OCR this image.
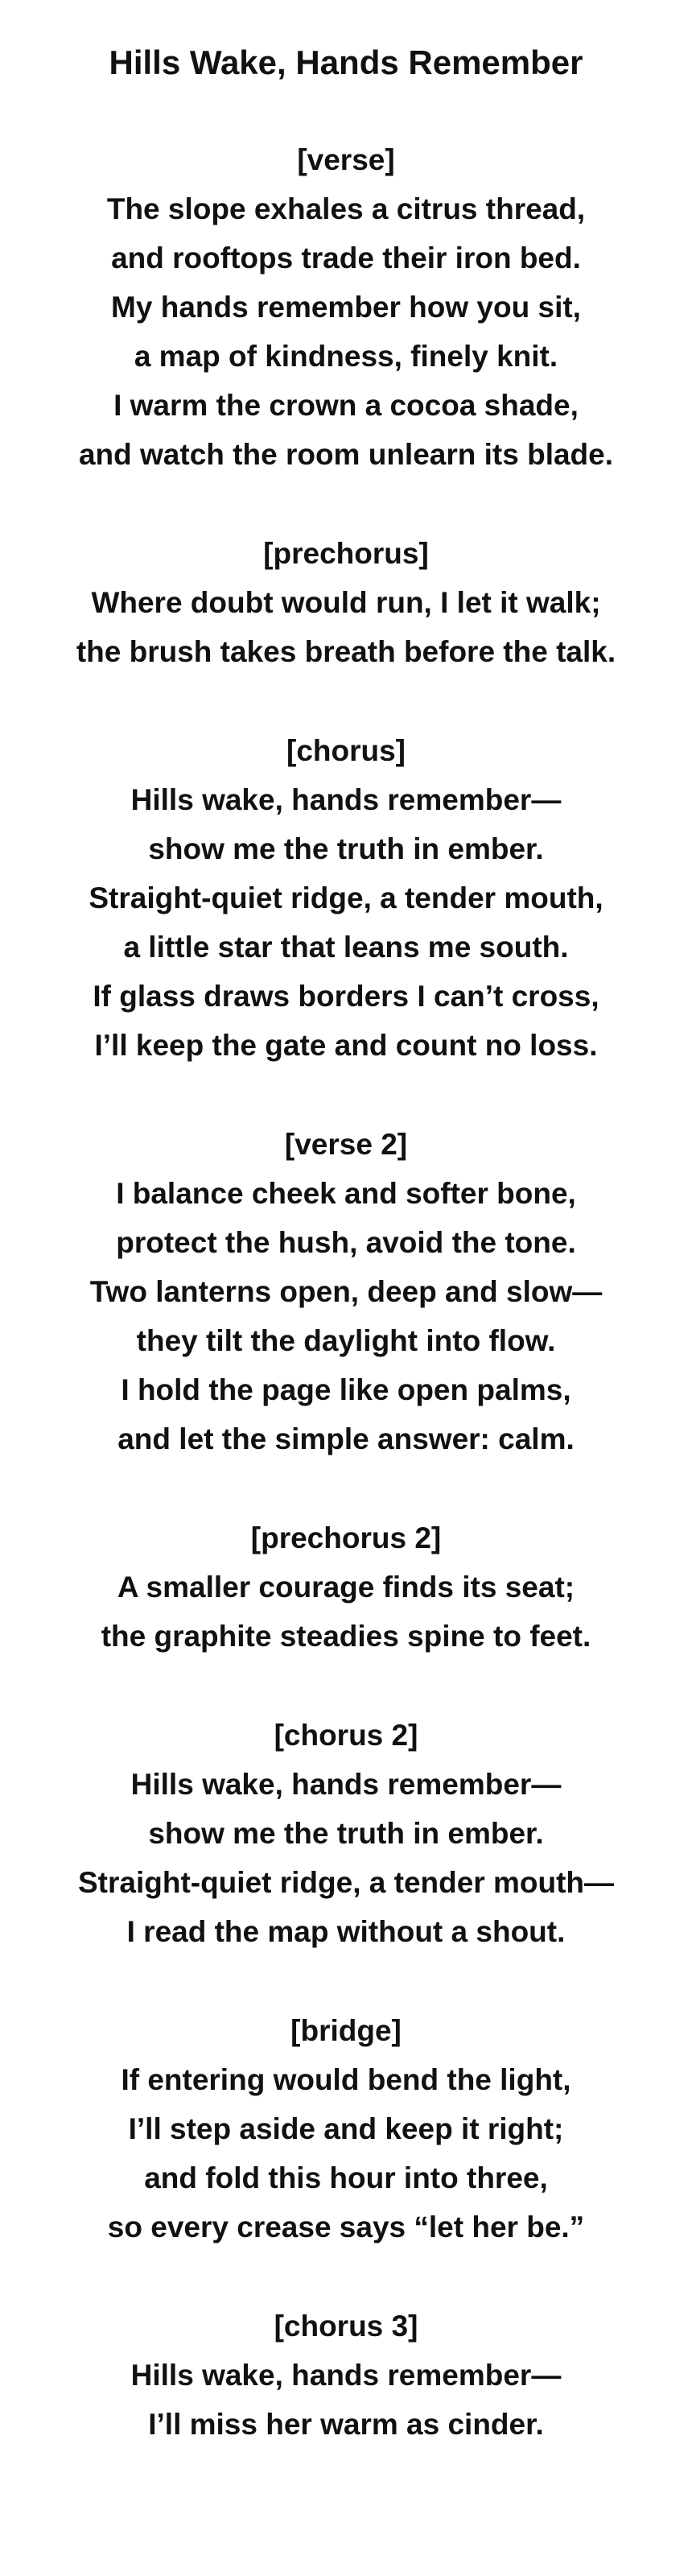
Hills Wake, Hands Remember

[verse]

The slope exhales a citrus thread,

and rooftops trade their iron bed.

My hands remember how you sit,

a map of kindness, finely knit.

I warm the crown a cocoa shade,

and watch the room unlearn its blade.

[prechorus]

Where doubt would run, I let it walk;

the brush takes breath before the talk.

[chorus]

Hills wake, hands remember—

show me the truth in ember.

Straight-quiet ridge, a tender mouth,

a little star that leans me south.

If glass draws borders I can’t cross,

I’ll keep the gate and count no loss.

[verse 2]

I balance cheek and softer bone,

protect the hush, avoid the tone.

Two lanterns open, deep and slow—

they tilt the daylight into flow.

I hold the page like open palms,

and let the simple answer: calm.

[prechorus 2]

A smaller courage finds its seat;

the graphite steadies spine to feet.

[chorus 2]

Hills wake, hands remember—

show me the truth in ember.

Straight-quiet ridge, a tender mouth—

I read the map without a shout.

[bridge]

If entering would bend the light,

I’ll step aside and keep it right;

and fold this hour into three,

so every crease says “let her be.”

[chorus 3]

Hills wake, hands remember—

I’ll miss her warm as cinder.
